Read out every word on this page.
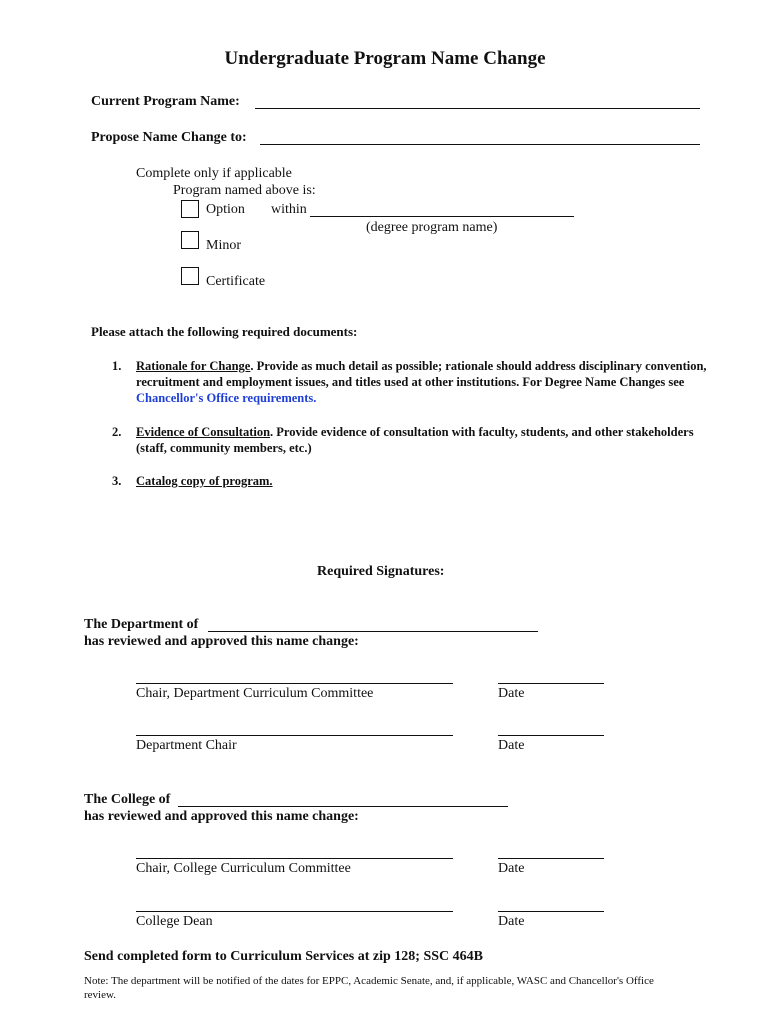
Undergraduate Program Name Change
Current Program Name:
Propose Name Change to:
Complete only if applicable
Program named above is:
Option within
(degree program name)
Minor
Certificate
Please attach the following required documents:
1. Rationale for Change. Provide as much detail as possible; rationale should address disciplinary convention, recruitment and employment issues, and titles used at other institutions. For Degree Name Changes see Chancellor's Office requirements.
2. Evidence of Consultation. Provide evidence of consultation with faculty, students, and other stakeholders (staff, community members, etc.)
3. Catalog copy of program.
Required Signatures:
The Department of
has reviewed and approved this name change:
Chair, Department Curriculum Committee	Date
Department Chair	Date
The College of
has reviewed and approved this name change:
Chair, College Curriculum Committee	Date
College Dean	Date
Send completed form to Curriculum Services at zip 128; SSC 464B
Note: The department will be notified of the dates for EPPC, Academic Senate, and, if applicable, WASC and Chancellor's Office review.
